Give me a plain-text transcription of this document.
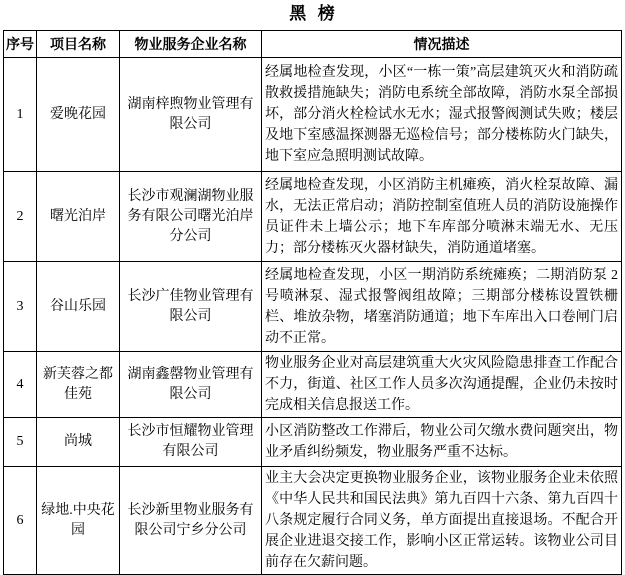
黑  榜
序号	项目名称	物业服务企业名称	情况描述
1	爱晚花园	湖南梓煦物业管理有限公司	经属地检查发现，小区“一栋一策”高层建筑灭火和消防疏散救援措施缺失；消防电系统全部故障，消防水泵全部损坏，部分消火栓检试水无水；湿式报警阀测试失败；楼层及地下室感温探测器无巡检信号；部分楼栋防火门缺失，地下室应急照明测试故障。
2	曙光泊岸	长沙市观澜湖物业服务有限公司曙光泊岸分公司	经属地检查发现，小区消防主机瘫痪，消火栓泵故障、漏水，无法正常启动；消防控制室值班人员的消防设施操作员证件未上墙公示；地下车库部分喷淋末端无水、无压力；部分楼栋灭火器材缺失，消防通道堵塞。
3	谷山乐园	长沙广佳物业管理有限公司	经属地检查发现，小区一期消防系统瘫痪；二期消防泵 2号喷淋泵、湿式报警阀组故障；三期部分楼栋设置铁栅栏、堆放杂物，堵塞消防通道；地下车库出入口卷闸门启动不正常。
4	新芙蓉之都佳苑	湖南鑫罄物业管理有限公司	物业服务企业对高层建筑重大火灾风险隐患排查工作配合不力，街道、社区工作人员多次沟通提醒，企业仍未按时完成相关信息报送工作。
5	尚城	长沙市恒耀物业管理有限公司	小区消防整改工作滞后，物业公司欠缴水费问题突出，物业矛盾纠纷频发，物业服务严重不达标。
6	绿地.中央花园	长沙新里物业服务有限公司宁乡分公司	业主大会决定更换物业服务企业，该物业服务企业未依照《中华人民共和国民法典》第九百四十六条、第九百四十八条规定履行合同义务，单方面提出直接退场。不配合开展企业进退交接工作，影响小区正常运转。该物业公司目前存在欠薪问题。
